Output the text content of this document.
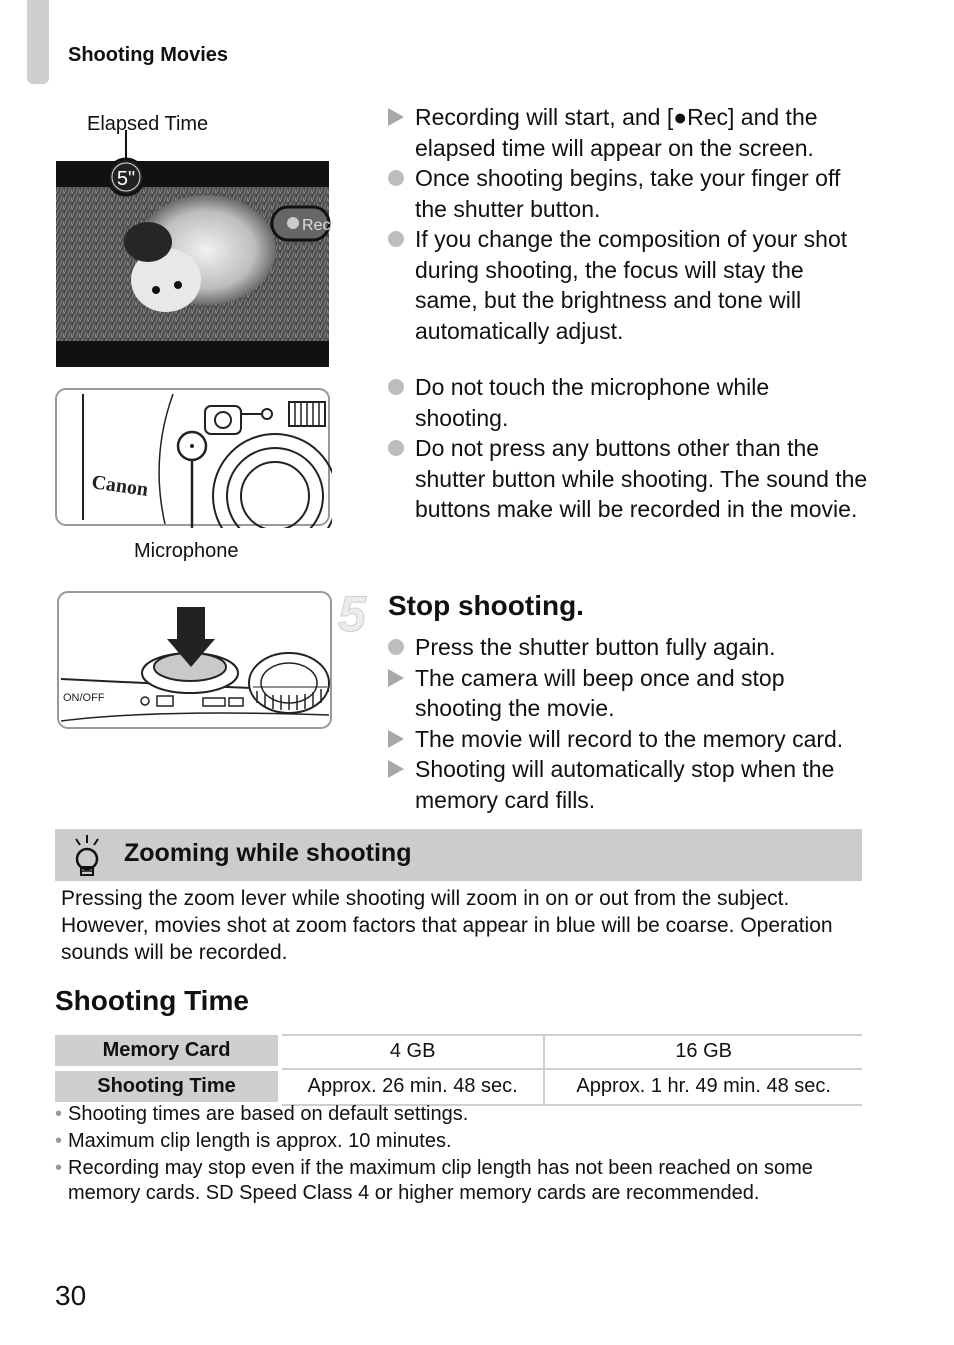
Shooting Movies
Elapsed Time
5"
Rec
Canon
Microphone
ON/OFF
Recording will start, and [●Rec] and the elapsed time will appear on the screen.
Once shooting begins, take your finger off the shutter button.
If you change the composition of your shot during shooting, the focus will stay the same, but the brightness and tone will automatically adjust.
Do not touch the microphone while shooting.
Do not press any buttons other than the shutter button while shooting. The sound the buttons make will be recorded in the movie.
5 Stop shooting.
Press the shutter button fully again.
The camera will beep once and stop shooting the movie.
The movie will record to the memory card.
Shooting will automatically stop when the memory card fills.
Zooming while shooting
Pressing the zoom lever while shooting will zoom in on or out from the subject. However, movies shot at zoom factors that appear in blue will be coarse. Operation sounds will be recorded.
Shooting Time
Memory Card		4 GB	16 GB
Shooting Time		Approx. 26 min. 48 sec.	Approx. 1 hr. 49 min. 48 sec.
• Shooting times are based on default settings.
• Maximum clip length is approx. 10 minutes.
• Recording may stop even if the maximum clip length has not been reached on some memory cards. SD Speed Class 4 or higher memory cards are recommended.
30
